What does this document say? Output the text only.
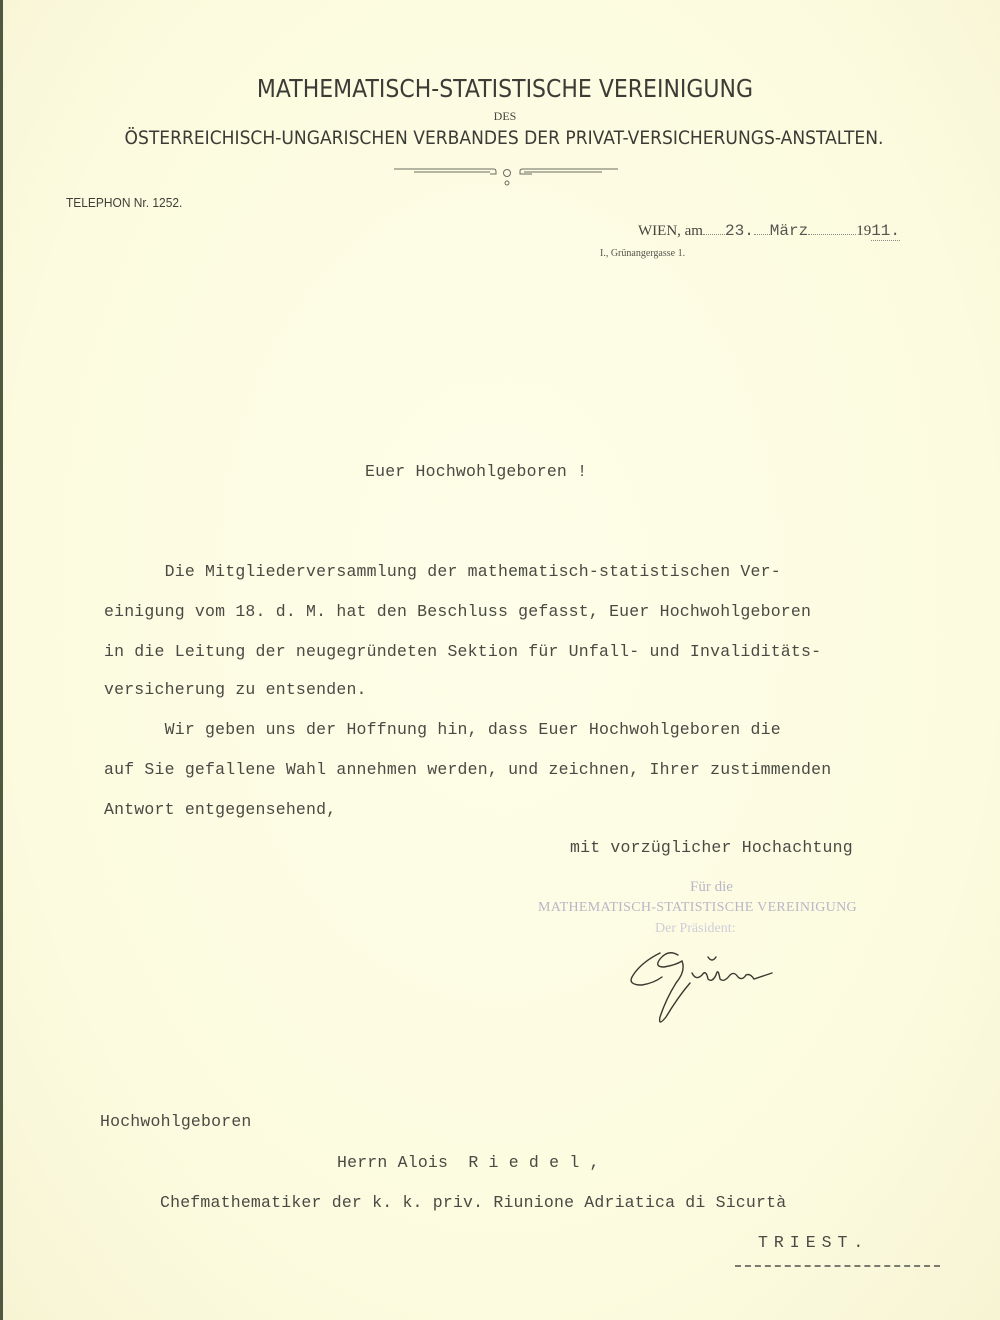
MATHEMATISCH-STATISTISCHE VEREINIGUNG
DES
ÖSTERREICHISCH-UNGARISCHEN VERBANDES DER PRIVAT-VERSICHERUNGS-ANSTALTEN.
TELEPHON Nr. 1252.
WIEN, am 23. März	1911.
I., Grünangergasse 1.
Euer Hochwohlgeboren !
Die Mitgliederversammlung der mathematisch-statistischen Ver-
einigung vom 18. d. M. hat den Beschluss gefasst, Euer Hochwohlgeboren
in die Leitung der neugegründeten Sektion für Unfall- und Invaliditäts-
versicherung zu entsenden.
Wir geben uns der Hoffnung hin, dass Euer Hochwohlgeboren die
auf Sie gefallene Wahl annehmen werden, und zeichnen, Ihrer zustimmenden
Antwort entgegensehend,
mit vorzüglicher Hochachtung
Für die
MATHEMATISCH-STATISTISCHE VEREINIGUNG
Der Präsident:
Hochwohlgeboren
Herrn Alois  R i e d e l ,
Chefmathematiker der k. k. priv. Riunione Adriatica di Sicurtà
TRIEST.
